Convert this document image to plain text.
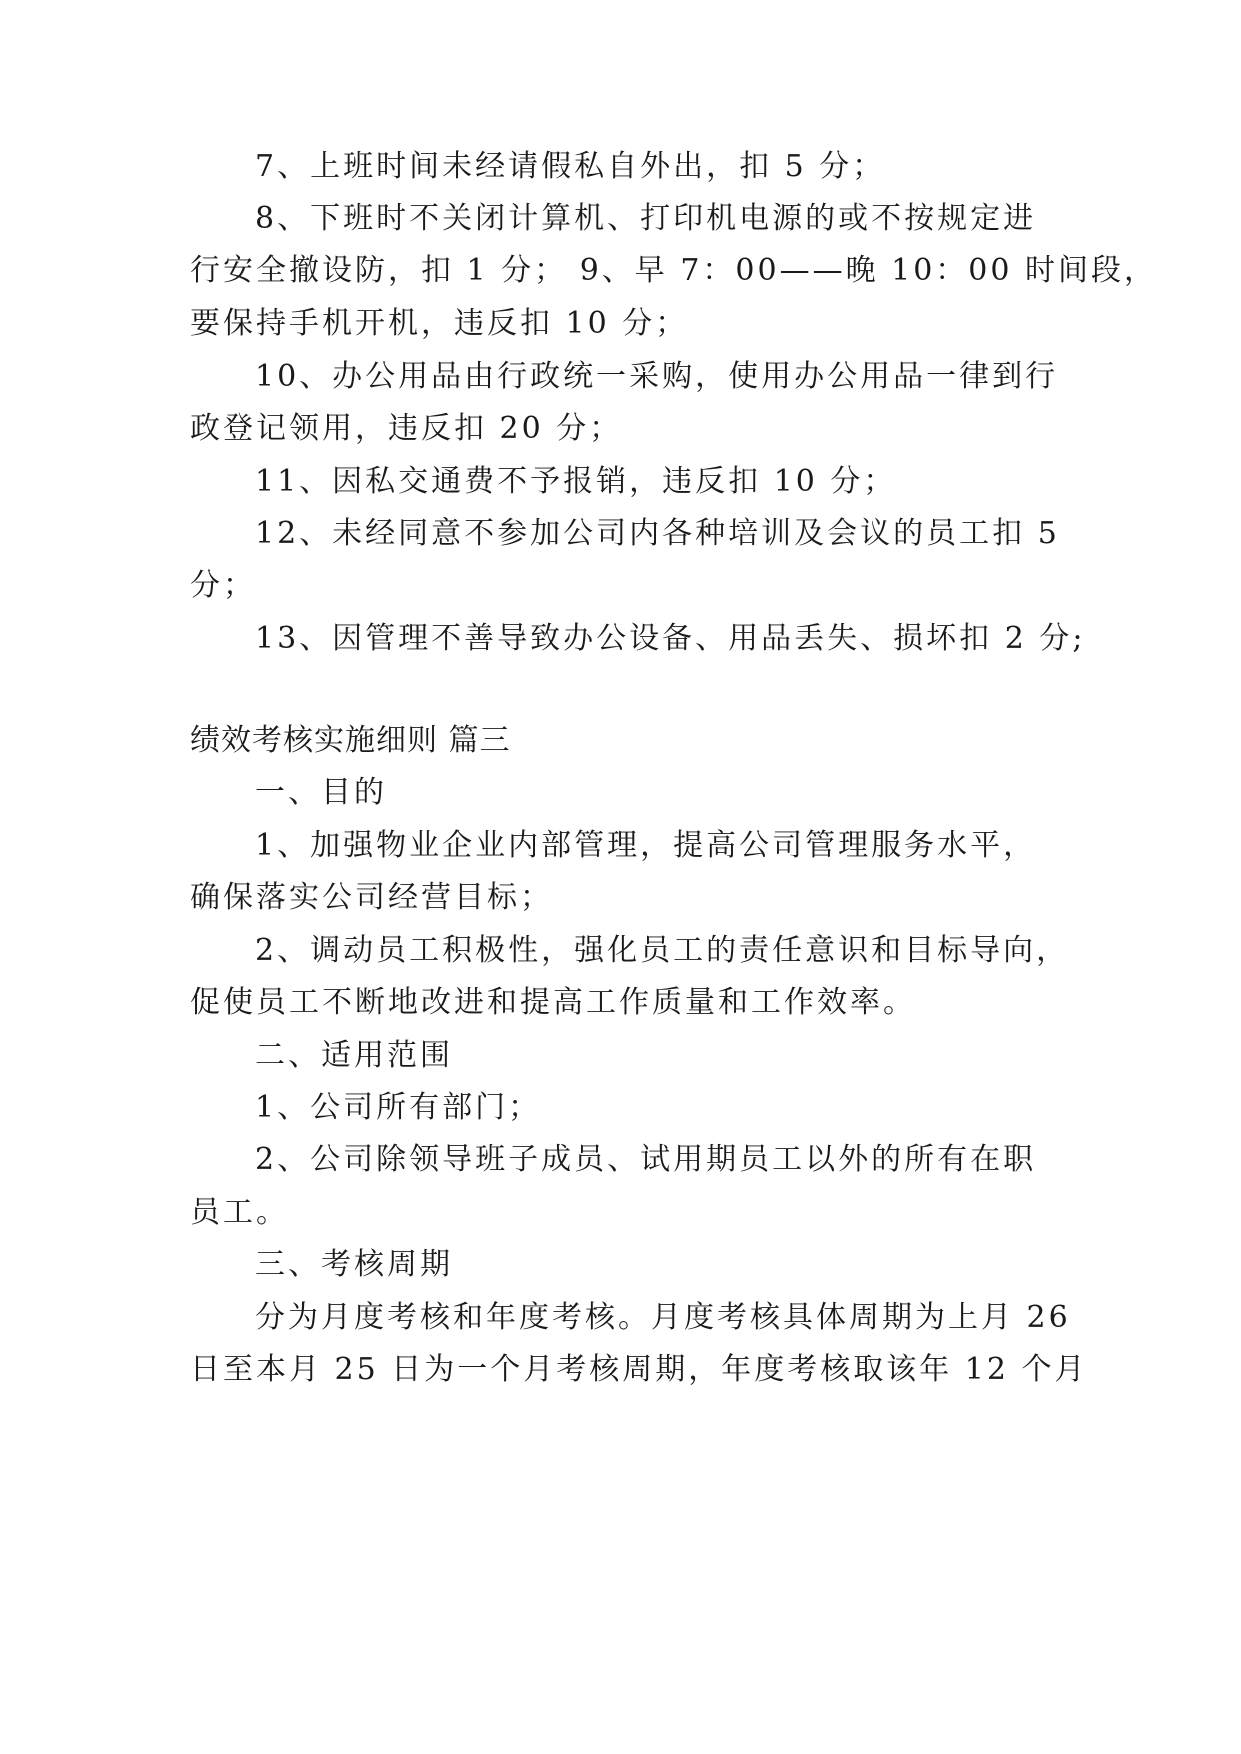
7、上班时间未经请假私自外出，扣 5 分；
8、下班时不关闭计算机、打印机电源的或不按规定进
行安全撤设防，扣 1 分； 9、早 7：00——晚 10：00 时间段，
要保持手机开机，违反扣 10 分；
10、办公用品由行政统一采购，使用办公用品一律到行
政登记领用，违反扣 20 分；
11、因私交通费不予报销，违反扣 10 分；
12、未经同意不参加公司内各种培训及会议的员工扣 5
分；
13、因管理不善导致办公设备、用品丢失、损坏扣 2 分;
绩效考核实施细则 篇三
一、目的
1、加强物业企业内部管理，提高公司管理服务水平，
确保落实公司经营目标；
2、调动员工积极性，强化员工的责任意识和目标导向，
促使员工不断地改进和提高工作质量和工作效率。
二、适用范围
1、公司所有部门；
2、公司除领导班子成员、试用期员工以外的所有在职
员工。
三、考核周期
分为月度考核和年度考核。月度考核具体周期为上月 26
日至本月 25 日为一个月考核周期，年度考核取该年 12 个月
